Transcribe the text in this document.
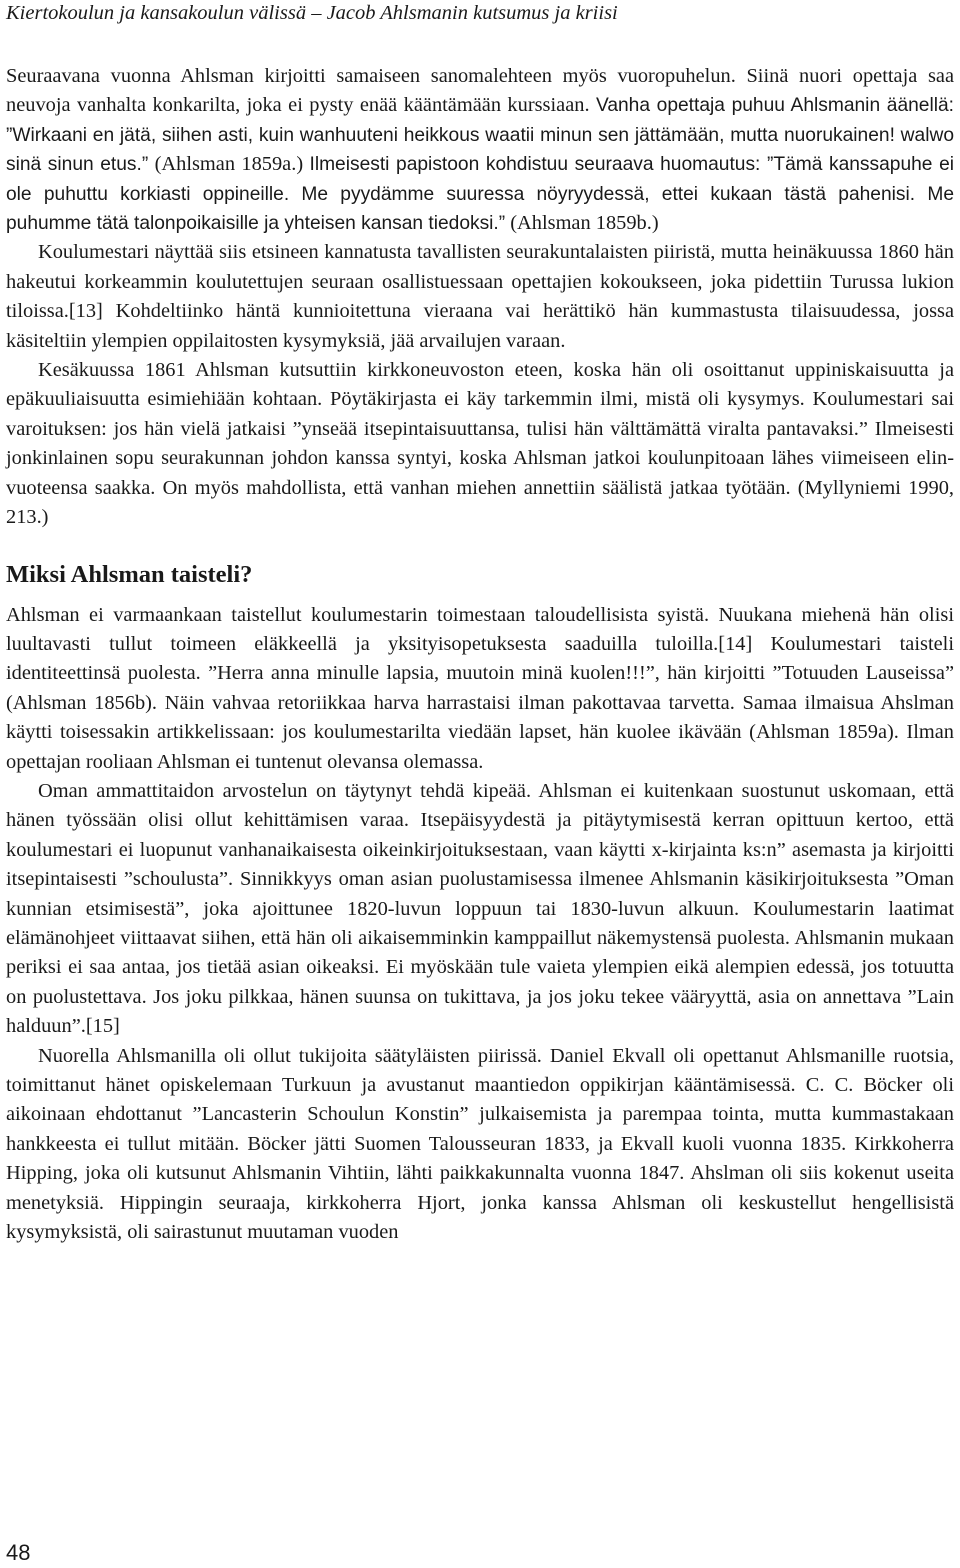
Kiertokoulun ja kansakoulun välissä – Jacob Ahlsmanin kutsumus ja kriisi

Seuraavana vuonna Ahlsman kirjoitti samaiseen sanomalehteen myös vuoropuhelun. Siinä nuori opettaja saa neuvoja vanhalta konkarilta, joka ei pysty enää kääntämään kurssiaan. Vanha opettaja puhuu Ahlsmanin äänellä: ”Wirkaani en jätä, siihen asti, kuin wanhuuteni heikkous waatii minun sen jättämään, mutta nuorukainen! walwo sinä sinun etus.” (Ahlsman 1859a.) Ilmeisesti papistoon kohdistuu seuraava huomautus: ”Tämä kanssapuhe ei ole puhuttu korkiasti oppineille. Me pyydämme suuressa nöyryydessä, ettei kukaan tästä pahenisi. Me puhumme tätä talonpoikaisille ja yhteisen kansan tiedoksi.” (Ahlsman 1859b.)

Koulumestari näyttää siis etsineen kannatusta tavallisten seurakuntalaisten piiristä, mutta heinäkuussa 1860 hän hakeutui korkeammin koulutettujen seuraan osallistuessaan opettajien kokoukseen, joka pidettiin Turussa lukion tiloissa.[13] Kohdeltiinko häntä kunnioitettuna vieraana vai herättikö hän kummastusta tilaisuudessa, jossa käsiteltiin ylempien oppilaitosten kysymyksiä, jää arvailujen varaan.

Kesäkuussa 1861 Ahlsman kutsuttiin kirkkoneuvoston eteen, koska hän oli osoittanut uppiniskaisuutta ja epäkuuliaisuutta esimiehiään kohtaan. Pöytäkirjasta ei käy tarkemmin ilmi, mistä oli kysymys. Koulumestari sai varoituksen: jos hän vielä jatkaisi ”ynseää itsepintaisuuttansa, tulisi hän välttämättä viralta pantavaksi.” Ilmeisesti jonkinlainen sopu seurakunnan johdon kanssa syntyi, koska Ahlsman jatkoi koulunpitoaan lähes viimeiseen elinvuoteensa saakka. On myös mahdollista, että vanhan miehen annettiin säälistä jatkaa työtään. (Myllyniemi 1990, 213.)

Miksi Ahlsman taisteli?

Ahlsman ei varmaankaan taistellut koulumestarin toimestaan taloudellisista syistä. Nuukana miehenä hän olisi luultavasti tullut toimeen eläkkeellä ja yksityisopetuksesta saaduilla tuloilla.[14] Koulumestari taisteli identiteettinsä puolesta. ”Herra anna minulle lapsia, muutoin minä kuolen!!!”, hän kirjoitti ”Totuuden Lauseissa” (Ahlsman 1856b). Näin vahvaa retoriikkaa harva harrastaisi ilman pakottavaa tarvetta. Samaa ilmaisua Ahslman käytti toisessakin artikkelissaan: jos koulumestarilta viedään lapset, hän kuolee ikävään (Ahlsman 1859a). Ilman opettajan rooliaan Ahlsman ei tuntenut olevansa olemassa.

Oman ammattitaidon arvostelun on täytynyt tehdä kipeää. Ahlsman ei kuitenkaan suostunut uskomaan, että hänen työssään olisi ollut kehittämisen varaa. Itsepäisyydestä ja pitäytymisestä kerran opittuun kertoo, että koulumestari ei luopunut vanhanaikaisesta oikeinkirjoituksestaan, vaan käytti x-kirjainta ks:n” asemasta ja kirjoitti itsepintaisesti ”schoulusta”. Sinnikkyys oman asian puolustamisessa ilmenee Ahlsmanin käsikirjoituksesta ”Oman kunnian etsimisestä”, joka ajoittunee 1820-luvun loppuun tai 1830-luvun alkuun. Koulumestarin laatimat elämänohjeet viittaavat siihen, että hän oli aikaisemminkin kamppaillut näkemystensä puolesta. Ahlsmanin mukaan periksi ei saa antaa, jos tietää asian oikeaksi. Ei myöskään tule vaieta ylempien eikä alempien edessä, jos totuutta on puolustettava. Jos joku pilkkaa, hänen suunsa on tukittava, ja jos joku tekee vääryyttä, asia on annettava ”Lain halduun”.[15]

Nuorella Ahlsmanilla oli ollut tukijoita säätyläisten piirissä. Daniel Ekvall oli opettanut Ahlsmanille ruotsia, toimittanut hänet opiskelemaan Turkuun ja avustanut maantiedon oppikirjan kääntämisessä. C. C. Böcker oli aikoinaan ehdottanut ”Lancasterin Schoulun Konstin” julkaisemista ja parempaa tointa, mutta kummastakaan hankkeesta ei tullut mitään. Böcker jätti Suomen Talousseuran 1833, ja Ekvall kuoli vuonna 1835. Kirkkoherra Hipping, joka oli kutsunut Ahlsmanin Vihtiin, lähti paikkakunnalta vuonna 1847. Ahslman oli siis kokenut useita menetyksiä. Hippingin seuraaja, kirkkoherra Hjort, jonka kanssa Ahlsman oli keskustellut hengellisistä kysymyksistä, oli sairastunut muutaman vuoden

48
